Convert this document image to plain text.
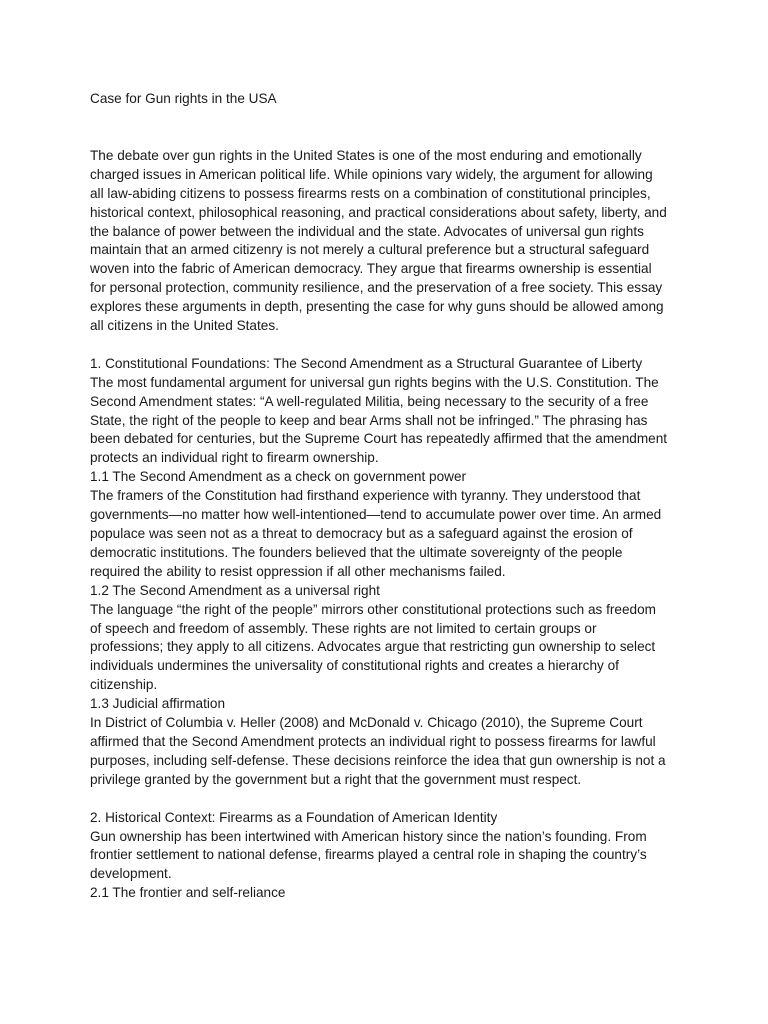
Case for Gun rights in the USA

The debate over gun rights in the United States is one of the most enduring and emotionally
charged issues in American political life. While opinions vary widely, the argument for allowing
all law-abiding citizens to possess firearms rests on a combination of constitutional principles,
historical context, philosophical reasoning, and practical considerations about safety, liberty, and
the balance of power between the individual and the state. Advocates of universal gun rights
maintain that an armed citizenry is not merely a cultural preference but a structural safeguard
woven into the fabric of American democracy. They argue that firearms ownership is essential
for personal protection, community resilience, and the preservation of a free society. This essay
explores these arguments in depth, presenting the case for why guns should be allowed among
all citizens in the United States.

1. Constitutional Foundations: The Second Amendment as a Structural Guarantee of Liberty

The most fundamental argument for universal gun rights begins with the U.S. Constitution. The
Second Amendment states: “A well-regulated Militia, being necessary to the security of a free
State, the right of the people to keep and bear Arms shall not be infringed.” The phrasing has
been debated for centuries, but the Supreme Court has repeatedly affirmed that the amendment
protects an individual right to firearm ownership.

1.1 The Second Amendment as a check on government power

The framers of the Constitution had firsthand experience with tyranny. They understood that
governments—no matter how well-intentioned—tend to accumulate power over time. An armed
populace was seen not as a threat to democracy but as a safeguard against the erosion of
democratic institutions. The founders believed that the ultimate sovereignty of the people
required the ability to resist oppression if all other mechanisms failed.

1.2 The Second Amendment as a universal right

The language “the right of the people” mirrors other constitutional protections such as freedom
of speech and freedom of assembly. These rights are not limited to certain groups or
professions; they apply to all citizens. Advocates argue that restricting gun ownership to select
individuals undermines the universality of constitutional rights and creates a hierarchy of
citizenship.

1.3 Judicial affirmation

In District of Columbia v. Heller (2008) and McDonald v. Chicago (2010), the Supreme Court
affirmed that the Second Amendment protects an individual right to possess firearms for lawful
purposes, including self-defense. These decisions reinforce the idea that gun ownership is not a
privilege granted by the government but a right that the government must respect.

2. Historical Context: Firearms as a Foundation of American Identity

Gun ownership has been intertwined with American history since the nation’s founding. From
frontier settlement to national defense, firearms played a central role in shaping the country’s
development.

2.1 The frontier and self-reliance
